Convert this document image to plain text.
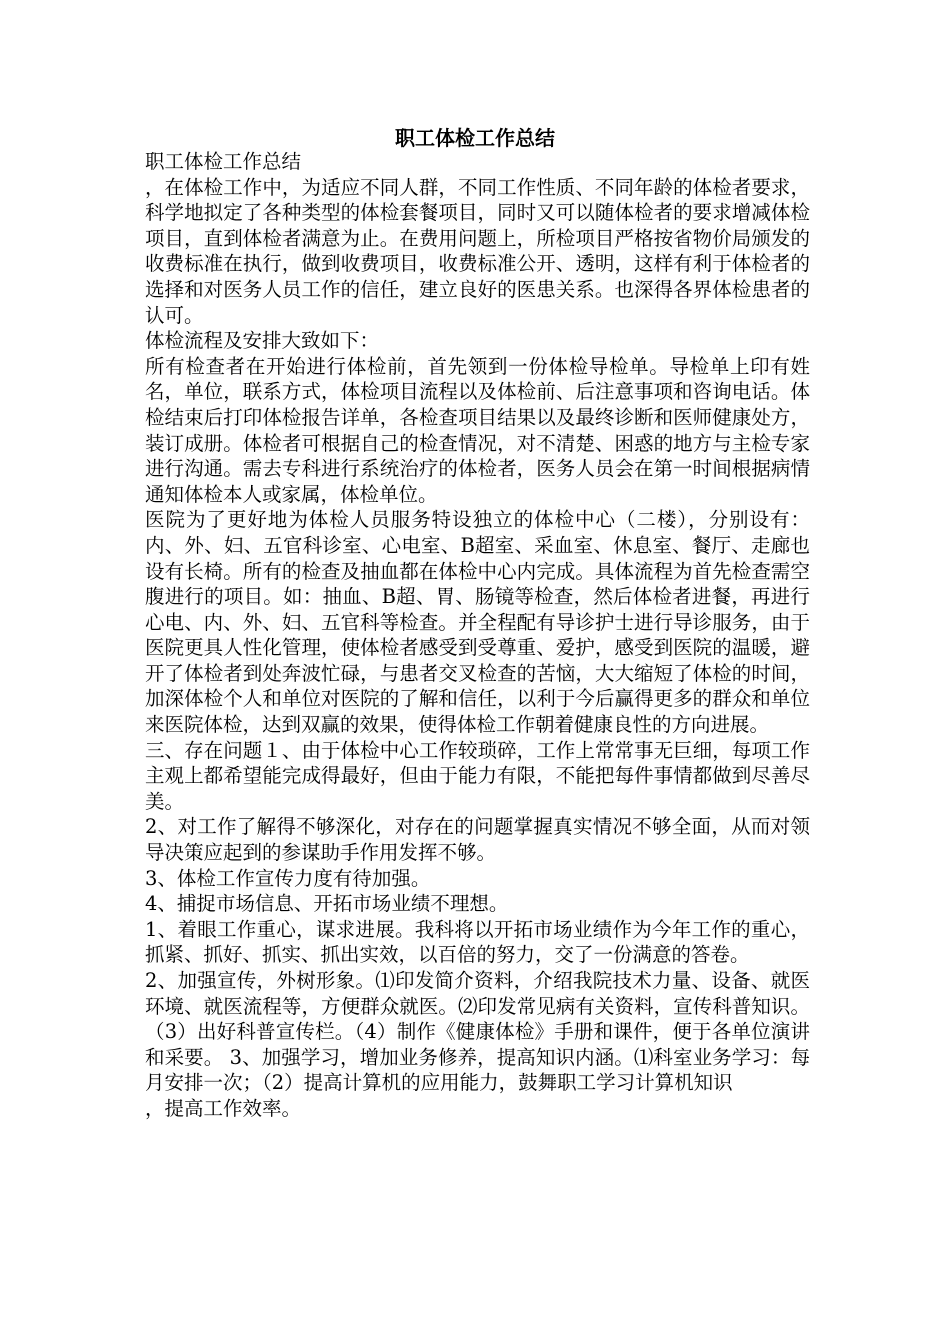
职工体检工作总结

职工体检工作总结

，在体检工作中，为适应不同人群，不同工作性质、不同年龄的体检者要求，科学地拟定了各种类型的体检套餐项目，同时又可以随体检者的要求增减体检项目，直到体检者满意为止。在费用问题上，所检项目严格按省物价局颁发的收费标准在执行，做到收费项目，收费标准公开、透明，这样有利于体检者的选择和对医务人员工作的信任，建立良好的医患关系。也深得各界体检患者的认可。

体检流程及安排大致如下：

所有检查者在开始进行体检前，首先领到一份体检导检单。导检单上印有姓名，单位，联系方式，体检项目流程以及体检前、后注意事项和咨询电话。体检结束后打印体检报告详单，各检查项目结果以及最终诊断和医师健康处方，装订成册。体检者可根据自己的检查情况，对不清楚、困惑的地方与主检专家进行沟通。需去专科进行系统治疗的体检者，医务人员会在第一时间根据病情通知体检本人或家属，体检单位。

医院为了更好地为体检人员服务特设独立的体检中心（二楼），分别设有：内、外、妇、五官科诊室、心电室、B超室、采血室、休息室、餐厅、走廊也设有长椅。所有的检查及抽血都在体检中心内完成。具体流程为首先检查需空腹进行的项目。如：抽血、B超、胃、肠镜等检查，然后体检者进餐，再进行心电、内、外、妇、五官科等检查。并全程配有导诊护士进行导诊服务，由于医院更具人性化管理，使体检者感受到受尊重、爱护，感受到医院的温暖，避开了体检者到处奔波忙碌，与患者交叉检查的苦恼，大大缩短了体检的时间，加深体检个人和单位对医院的了解和信任，以利于今后赢得更多的群众和单位来医院体检，达到双赢的效果，使得体检工作朝着健康良性的方向进展。

三、存在问题１、由于体检中心工作较琐碎，工作上常常事无巨细，每项工作主观上都希望能完成得最好，但由于能力有限，不能把每件事情都做到尽善尽美。

2、对工作了解得不够深化，对存在的问题掌握真实情况不够全面，从而对领导决策应起到的参谋助手作用发挥不够。

3、体检工作宣传力度有待加强。

4、捕捉市场信息、开拓市场业绩不理想。

1、着眼工作重心，谋求进展。我科将以开拓市场业绩作为今年工作的重心，抓紧、抓好、抓实、抓出实效，以百倍的努力，交了一份满意的答卷。

2、加强宣传，外树形象。⑴印发简介资料，介绍我院技术力量、设备、就医环境、就医流程等，方便群众就医。⑵印发常见病有关资料，宣传科普知识。（3）出好科普宣传栏。（4）制作《健康体检》手册和课件，便于各单位演讲和采要。 3、加强学习，增加业务修养，提高知识内涵。⑴科室业务学习：每月安排一次；（2）提高计算机的应用能力，鼓舞职工学习计算机知识

，提高工作效率。
